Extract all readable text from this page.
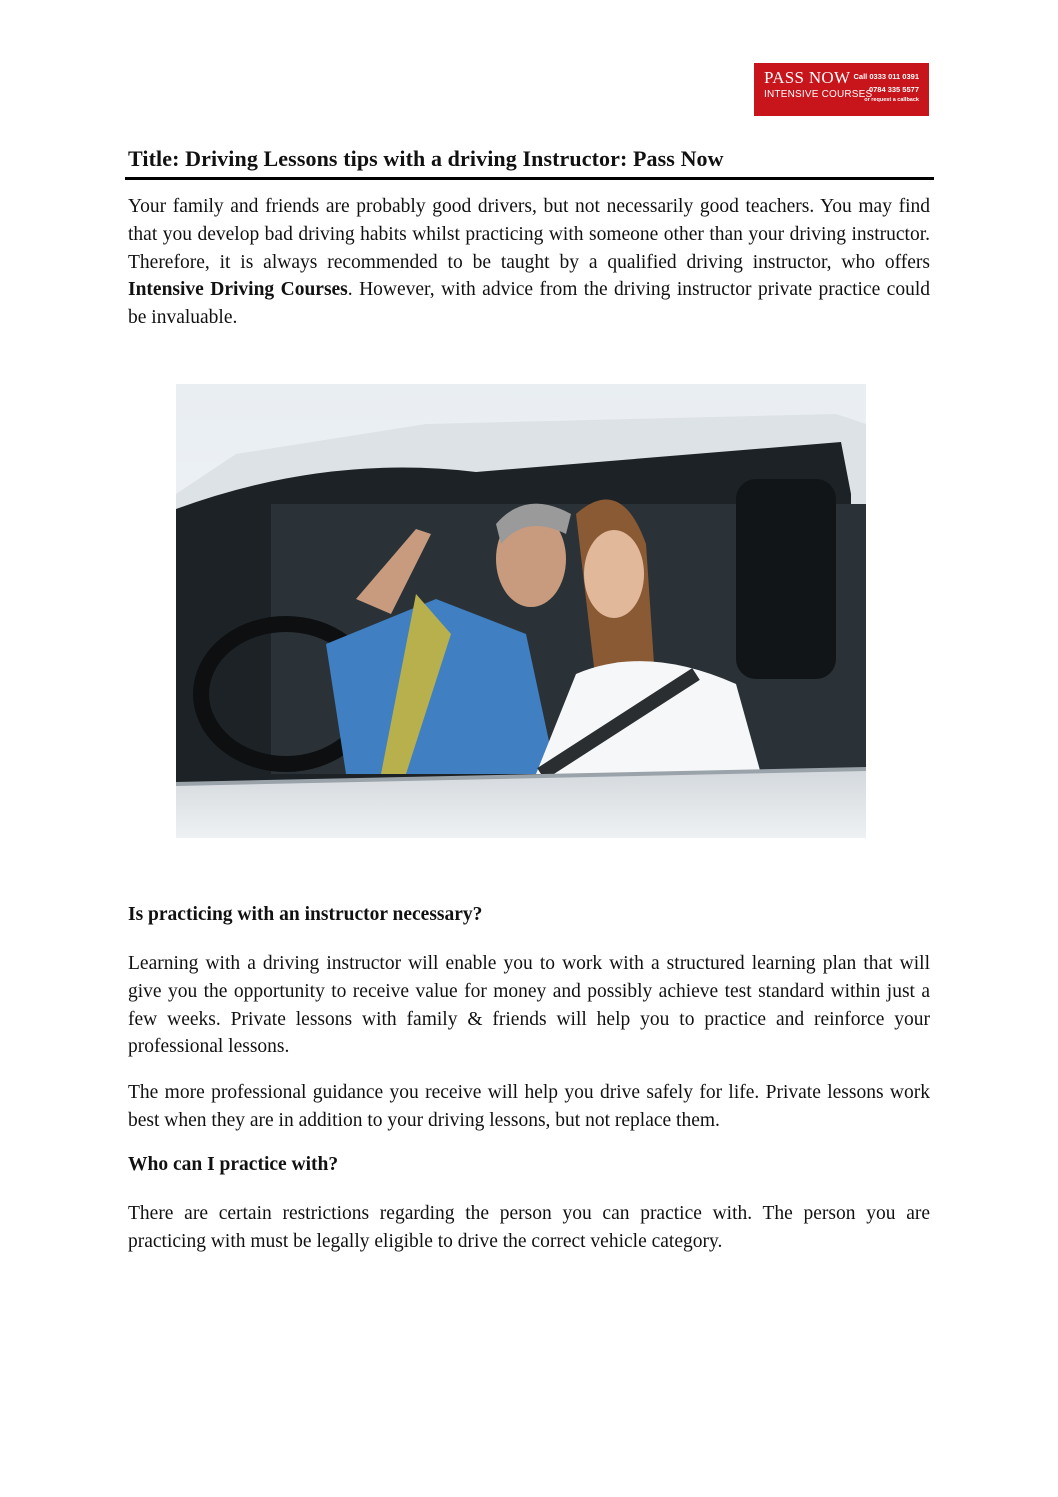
PASS NOW
INTENSIVE COURSES
Call 0333 011 0391
0784 335 5577
or request a callback
Title: Driving Lessons tips with a driving Instructor: Pass Now

Your family and friends are probably good drivers, but not necessarily good teachers. You may find that you develop bad driving habits whilst practicing with someone other than your driving instructor. Therefore, it is always recommended to be taught by a qualified driving instructor, who offers Intensive Driving Courses. However, with advice from the driving instructor private practice could be invaluable.

Is practicing with an instructor necessary?

Learning with a driving instructor will enable you to work with a structured learning plan that will give you the opportunity to receive value for money and possibly achieve test standard within just a few weeks. Private lessons with family & friends will help you to practice and reinforce your professional lessons.

The more professional guidance you receive will help you drive safely for life. Private lessons work best when they are in addition to your driving lessons, but not replace them.

Who can I practice with?

There are certain restrictions regarding the person you can practice with. The person you are practicing with must be legally eligible to drive the correct vehicle category.
